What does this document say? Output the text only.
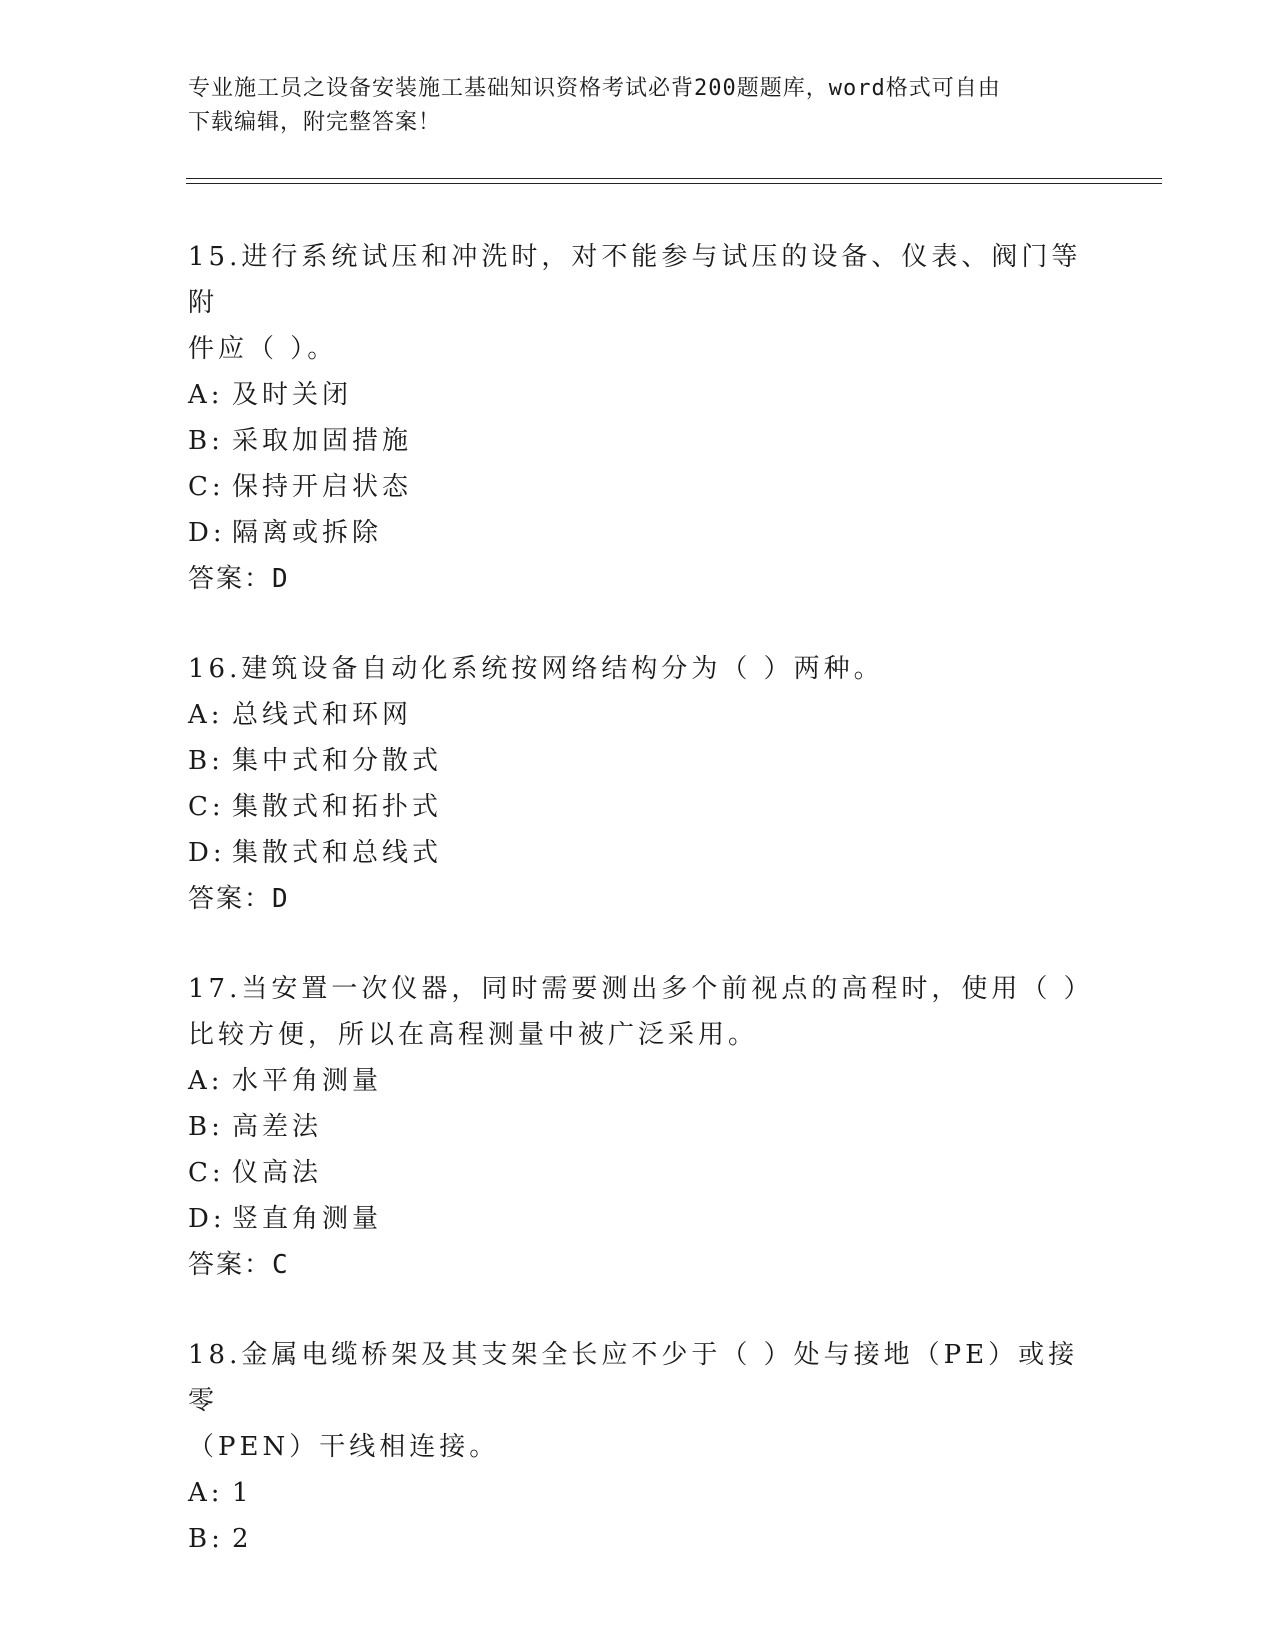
专业施工员之设备安装施工基础知识资格考试必背200题题库，word格式可自由
下载编辑，附完整答案！

15.进行系统试压和冲洗时，对不能参与试压的设备、仪表、阀门等附

件应（ ）。

A: 及时关闭

B: 采取加固措施

C: 保持开启状态

D: 隔离或拆除

答案：D

16.建筑设备自动化系统按网络结构分为（ ）两种。

A: 总线式和环网

B: 集中式和分散式

C: 集散式和拓扑式

D: 集散式和总线式

答案：D

17.当安置一次仪器，同时需要测出多个前视点的高程时，使用（ ）

比较方便，所以在高程测量中被广泛采用。

A: 水平角测量

B: 高差法

C: 仪高法

D: 竖直角测量

答案：C

18.金属电缆桥架及其支架全长应不少于（ ）处与接地（PE）或接零

（PEN）干线相连接。

A: 1

B: 2
